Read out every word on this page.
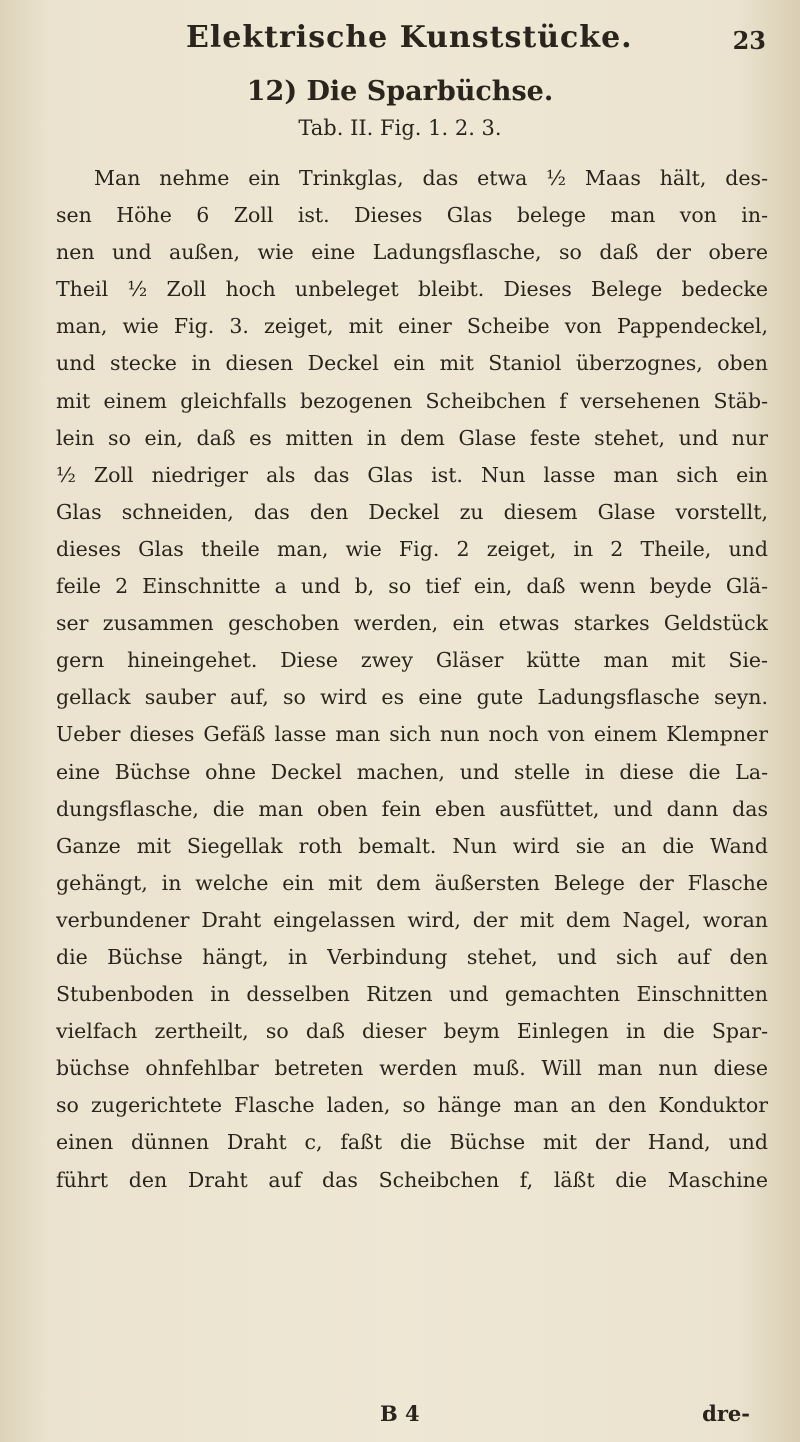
Elektrische Kunststücke.	23
12) Die Sparbüchse.
Tab. II. Fig. 1. 2. 3.
Man nehme ein Trinkglas, das etwa ½ Maas hält, des-
sen Höhe 6 Zoll ist. Dieses Glas belege man von in-
nen und außen, wie eine Ladungsflasche, so daß der obere
Theil ½ Zoll hoch unbeleget bleibt. Dieses Belege bedecke
man, wie Fig. 3. zeiget, mit einer Scheibe von Pappendeckel,
und stecke in diesen Deckel ein mit Staniol überzognes, oben
mit einem gleichfalls bezogenen Scheibchen f versehenen Stäb-
lein so ein, daß es mitten in dem Glase feste stehet, und nur
½ Zoll niedriger als das Glas ist. Nun lasse man sich ein
Glas schneiden, das den Deckel zu diesem Glase vorstellt,
dieses Glas theile man, wie Fig. 2 zeiget, in 2 Theile, und
feile 2 Einschnitte a und b, so tief ein, daß wenn beyde Glä-
ser zusammen geschoben werden, ein etwas starkes Geldstück
gern hineingehet. Diese zwey Gläser kütte man mit Sie-
gellack sauber auf, so wird es eine gute Ladungsflasche seyn.
Ueber dieses Gefäß lasse man sich nun noch von einem Klempner
eine Büchse ohne Deckel machen, und stelle in diese die La-
dungsflasche, die man oben fein eben ausfüttet, und dann das
Ganze mit Siegellak roth bemalt. Nun wird sie an die Wand
gehängt, in welche ein mit dem äußersten Belege der Flasche
verbundener Draht eingelassen wird, der mit dem Nagel, woran
die Büchse hängt, in Verbindung stehet, und sich auf den
Stubenboden in desselben Ritzen und gemachten Einschnitten
vielfach zertheilt, so daß dieser beym Einlegen in die Spar-
büchse ohnfehlbar betreten werden muß. Will man nun diese
so zugerichtete Flasche laden, so hänge man an den Konduktor
einen dünnen Draht c, faßt die Büchse mit der Hand, und
führt den Draht auf das Scheibchen f, läßt die Maschine
B 4	dre-
